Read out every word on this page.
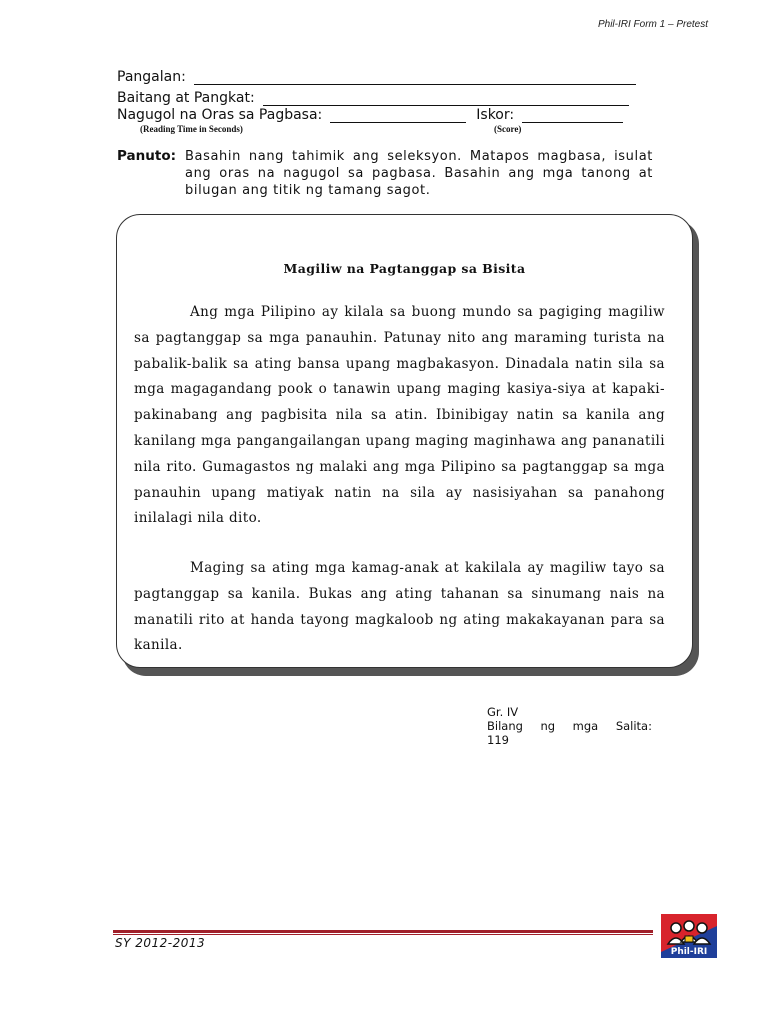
Phil-IRI Form 1 – Pretest
Pangalan:
Baitang at Pangkat:
Nagugol na Oras sa Pagbasa:	Iskor:
(Reading Time in Seconds)	(Score)
Panuto: Basahin nang tahimik ang seleksyon. Matapos magbasa, isulat ang oras na nagugol sa pagbasa. Basahin ang mga tanong at bilugan ang titik ng tamang sagot.
Magiliw na Pagtanggap sa Bisita
Ang mga Pilipino ay kilala sa buong mundo sa pagiging magiliw sa pagtanggap sa mga panauhin. Patunay nito ang maraming turista na pabalik-balik sa ating bansa upang magbakasyon. Dinadala natin sila sa mga magagandang pook o tanawin upang maging kasiya-siya at kapaki-pakinabang ang pagbisita nila sa atin. Ibinibigay natin sa kanila ang kanilang mga pangangailangan upang maging maginhawa ang pananatili nila rito. Gumagastos ng malaki ang mga Pilipino sa pagtanggap sa mga panauhin upang matiyak natin na sila ay nasisiyahan sa panahong inilalagi nila dito.
Maging sa ating mga kamag-anak at kakilala ay magiliw tayo sa pagtanggap sa kanila. Bukas ang ating tahanan sa sinumang nais na manatili rito at handa tayong magkaloob ng ating makakayanan para sa kanila.
Gr. IV
Bilang ng mga Salita:
119
SY 2012-2013
Phil-IRI
